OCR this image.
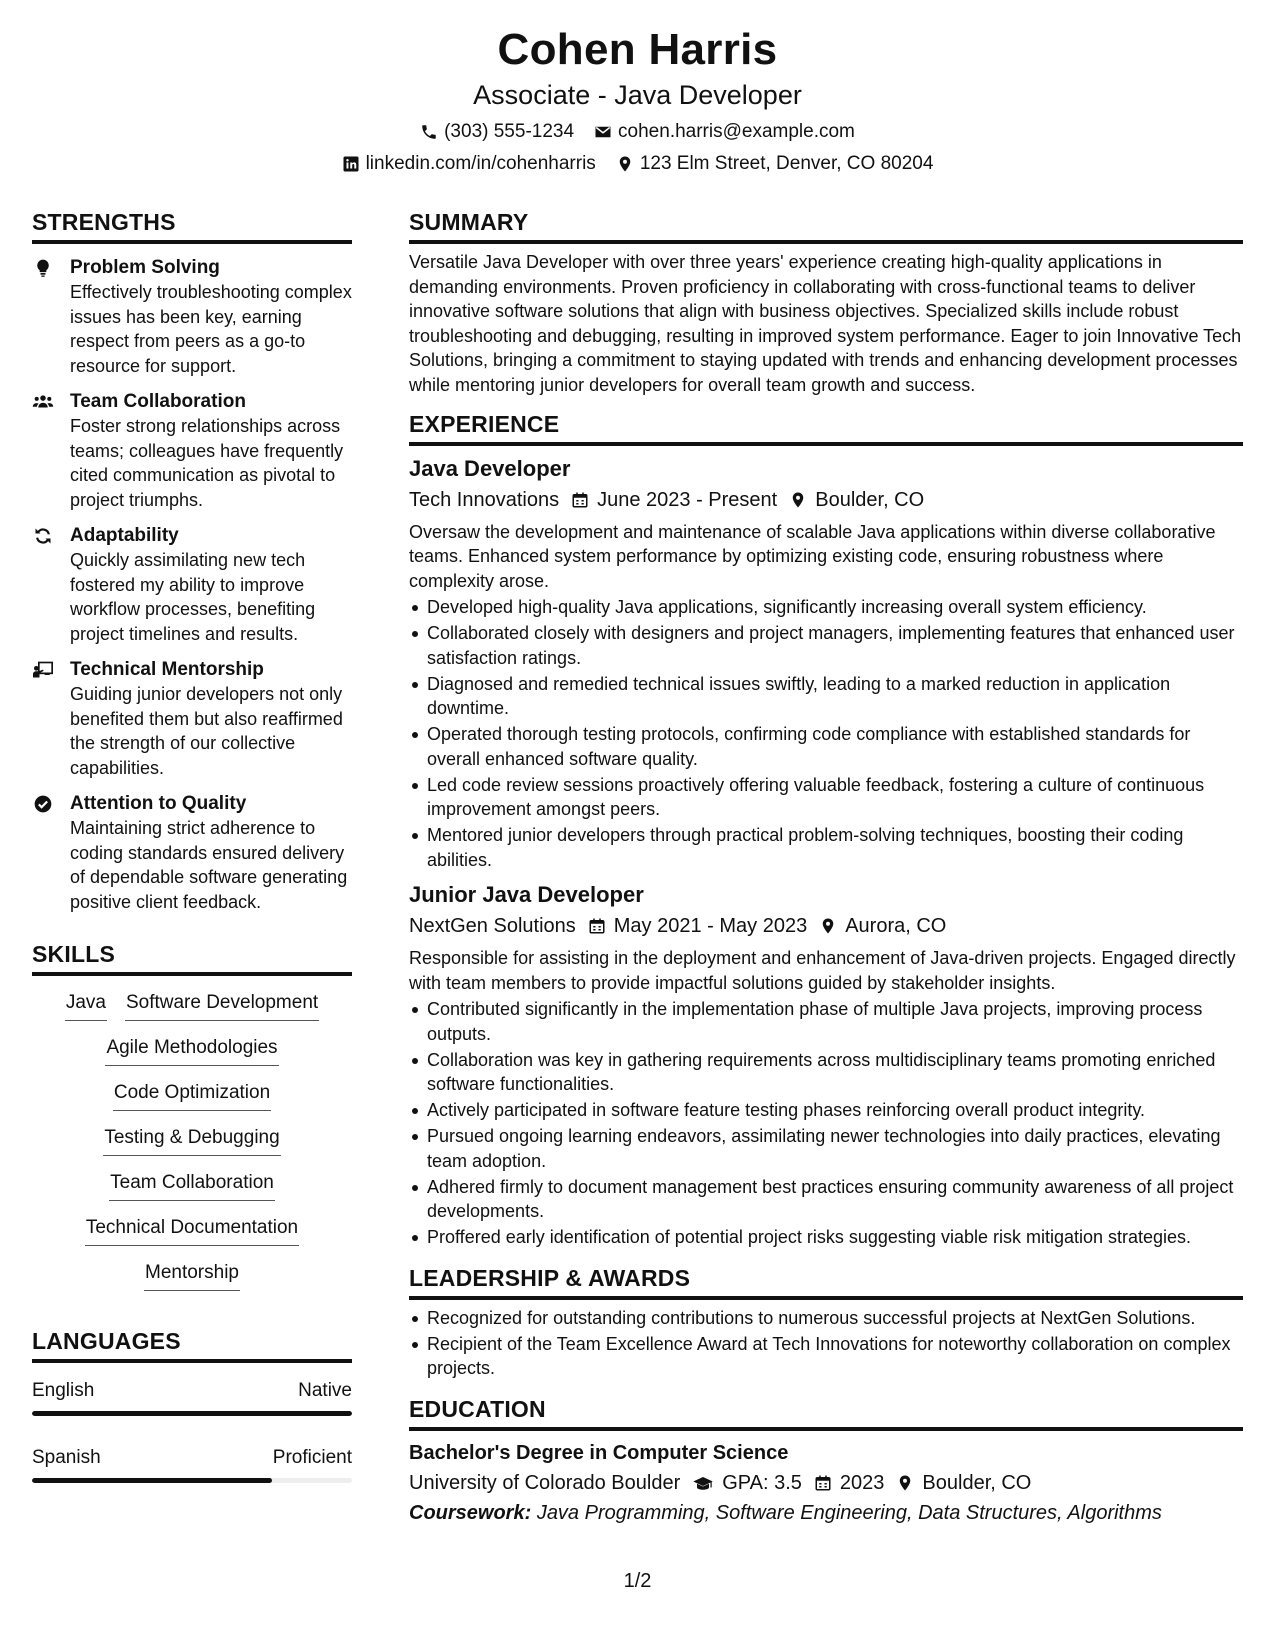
Cohen Harris
Associate - Java Developer
(303) 555-1234 cohen.harris@example.com
linkedin.com/in/cohenharris 123 Elm Street, Denver, CO 80204
STRENGTHS
Problem Solving
Effectively troubleshooting complex issues has been key, earning respect from peers as a go-to resource for support.
Team Collaboration
Foster strong relationships across teams; colleagues have frequently cited communication as pivotal to project triumphs.
Adaptability
Quickly assimilating new tech fostered my ability to improve workflow processes, benefiting project timelines and results.
Technical Mentorship
Guiding junior developers not only benefited them but also reaffirmed the strength of our collective capabilities.
Attention to Quality
Maintaining strict adherence to coding standards ensured delivery of dependable software generating positive client feedback.
SKILLS
Java Software Development
Agile Methodologies
Code Optimization
Testing & Debugging
Team Collaboration
Technical Documentation
Mentorship
LANGUAGES
English	Native
Spanish	Proficient
SUMMARY
Versatile Java Developer with over three years' experience creating high-quality applications in demanding environments. Proven proficiency in collaborating with cross-functional teams to deliver innovative software solutions that align with business objectives. Specialized skills include robust troubleshooting and debugging, resulting in improved system performance. Eager to join Innovative Tech Solutions, bringing a commitment to staying updated with trends and enhancing development processes while mentoring junior developers for overall team growth and success.
EXPERIENCE
Java Developer
Tech Innovations June 2023 - Present Boulder, CO
Oversaw the development and maintenance of scalable Java applications within diverse collaborative teams. Enhanced system performance by optimizing existing code, ensuring robustness where complexity arose.
Developed high-quality Java applications, significantly increasing overall system efficiency.
Collaborated closely with designers and project managers, implementing features that enhanced user satisfaction ratings.
Diagnosed and remedied technical issues swiftly, leading to a marked reduction in application downtime.
Operated thorough testing protocols, confirming code compliance with established standards for overall enhanced software quality.
Led code review sessions proactively offering valuable feedback, fostering a culture of continuous improvement amongst peers.
Mentored junior developers through practical problem-solving techniques, boosting their coding abilities.
Junior Java Developer
NextGen Solutions May 2021 - May 2023 Aurora, CO
Responsible for assisting in the deployment and enhancement of Java-driven projects. Engaged directly with team members to provide impactful solutions guided by stakeholder insights.
Contributed significantly in the implementation phase of multiple Java projects, improving process outputs.
Collaboration was key in gathering requirements across multidisciplinary teams promoting enriched software functionalities.
Actively participated in software feature testing phases reinforcing overall product integrity.
Pursued ongoing learning endeavors, assimilating newer technologies into daily practices, elevating team adoption.
Adhered firmly to document management best practices ensuring community awareness of all project developments.
Proffered early identification of potential project risks suggesting viable risk mitigation strategies.
LEADERSHIP & AWARDS
Recognized for outstanding contributions to numerous successful projects at NextGen Solutions.
Recipient of the Team Excellence Award at Tech Innovations for noteworthy collaboration on complex projects.
EDUCATION
Bachelor's Degree in Computer Science
University of Colorado Boulder GPA: 3.5 2023 Boulder, CO
Coursework: Java Programming, Software Engineering, Data Structures, Algorithms
1/2
